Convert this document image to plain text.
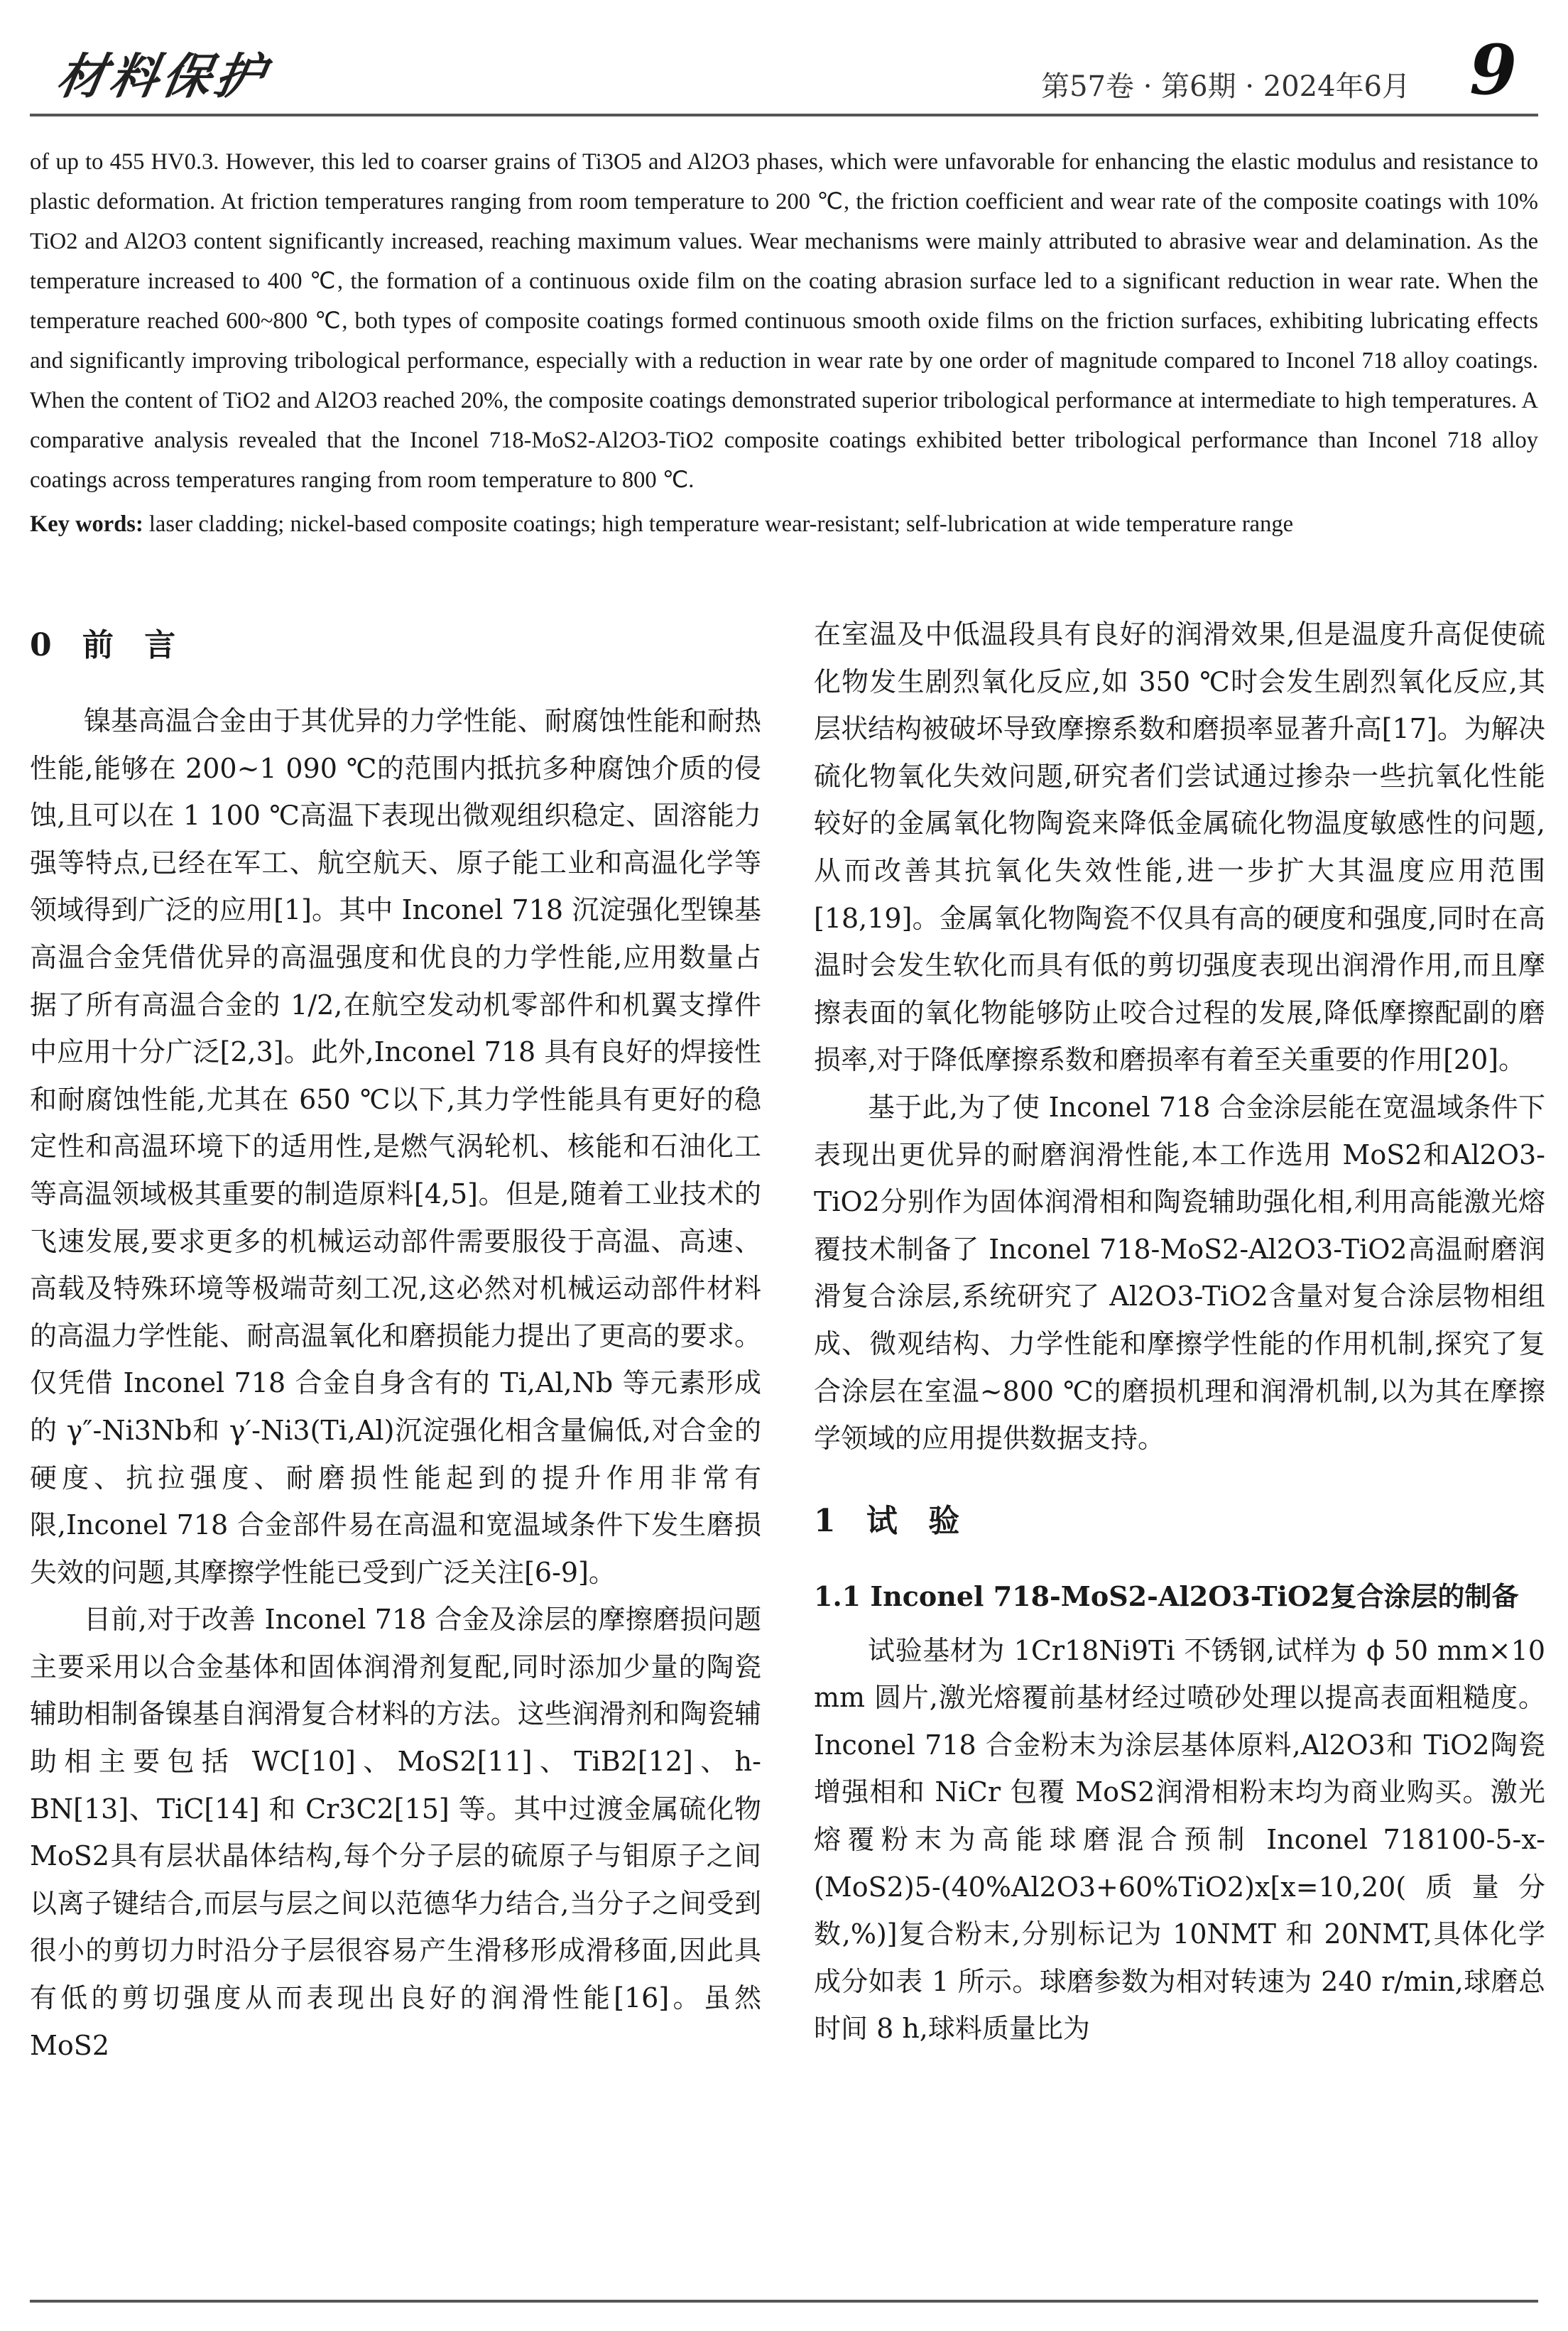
材料保护	第57卷 · 第6期 · 2024年6月 9

of up to 455 HV0.3. However, this led to coarser grains of Ti3O5 and Al2O3 phases, which were unfavorable for enhancing the elastic modulus and resistance to plastic deformation. At friction temperatures ranging from room temperature to 200 ℃, the friction coefficient and wear rate of the composite coatings with 10% TiO2 and Al2O3 content significantly increased, reaching maximum values. Wear mechanisms were mainly attributed to abrasive wear and delamination. As the temperature increased to 400 ℃, the formation of a continuous oxide film on the coating abrasion surface led to a significant reduction in wear rate. When the temperature reached 600~800 ℃, both types of composite coatings formed continuous smooth oxide films on the friction surfaces, exhibiting lubricating effects and significantly improving tribological performance, especially with a reduction in wear rate by one order of magnitude compared to Inconel 718 alloy coatings. When the content of TiO2 and Al2O3 reached 20%, the composite coatings demonstrated superior tribological performance at intermediate to high temperatures. A comparative analysis revealed that the Inconel 718-MoS2-Al2O3-TiO2 composite coatings exhibited better tribological performance than Inconel 718 alloy coatings across temperatures ranging from room temperature to 800 ℃.

Key words: laser cladding; nickel-based composite coatings; high temperature wear-resistant; self-lubrication at wide temperature range

0 前 言

镍基高温合金由于其优异的力学性能、耐腐蚀性能和耐热性能,能够在 200~1 090 ℃的范围内抵抗多种腐蚀介质的侵蚀,且可以在 1 100 ℃高温下表现出微观组织稳定、固溶能力强等特点,已经在军工、航空航天、原子能工业和高温化学等领域得到广泛的应用[1]。其中 Inconel 718 沉淀强化型镍基高温合金凭借优异的高温强度和优良的力学性能,应用数量占据了所有高温合金的 1/2,在航空发动机零部件和机翼支撑件中应用十分广泛[2,3]。此外,Inconel 718 具有良好的焊接性和耐腐蚀性能,尤其在 650 ℃以下,其力学性能具有更好的稳定性和高温环境下的适用性,是燃气涡轮机、核能和石油化工等高温领域极其重要的制造原料[4,5]。但是,随着工业技术的飞速发展,要求更多的机械运动部件需要服役于高温、高速、高载及特殊环境等极端苛刻工况,这必然对机械运动部件材料的高温力学性能、耐高温氧化和磨损能力提出了更高的要求。仅凭借 Inconel 718 合金自身含有的 Ti,Al,Nb 等元素形成的 γ″-Ni3Nb和 γ′-Ni3(Ti,Al)沉淀强化相含量偏低,对合金的硬度、抗拉强度、耐磨损性能起到的提升作用非常有限,Inconel 718 合金部件易在高温和宽温域条件下发生磨损失效的问题,其摩擦学性能已受到广泛关注[6-9]。

目前,对于改善 Inconel 718 合金及涂层的摩擦磨损问题主要采用以合金基体和固体润滑剂复配,同时添加少量的陶瓷辅助相制备镍基自润滑复合材料的方法。这些润滑剂和陶瓷辅助相主要包括 WC[10]、MoS2[11]、TiB2[12]、h-BN[13]、TiC[14] 和 Cr3C2[15] 等。其中过渡金属硫化物 MoS2具有层状晶体结构,每个分子层的硫原子与钼原子之间以离子键结合,而层与层之间以范德华力结合,当分子之间受到很小的剪切力时沿分子层很容易产生滑移形成滑移面,因此具有低的剪切强度从而表现出良好的润滑性能[16]。虽然 MoS2

在室温及中低温段具有良好的润滑效果,但是温度升高促使硫化物发生剧烈氧化反应,如 350 ℃时会发生剧烈氧化反应,其层状结构被破坏导致摩擦系数和磨损率显著升高[17]。为解决硫化物氧化失效问题,研究者们尝试通过掺杂一些抗氧化性能较好的金属氧化物陶瓷来降低金属硫化物温度敏感性的问题,从而改善其抗氧化失效性能,进一步扩大其温度应用范围[18,19]。金属氧化物陶瓷不仅具有高的硬度和强度,同时在高温时会发生软化而具有低的剪切强度表现出润滑作用,而且摩擦表面的氧化物能够防止咬合过程的发展,降低摩擦配副的磨损率,对于降低摩擦系数和磨损率有着至关重要的作用[20]。

基于此,为了使 Inconel 718 合金涂层能在宽温域条件下表现出更优异的耐磨润滑性能,本工作选用 MoS2和Al2O3-TiO2分别作为固体润滑相和陶瓷辅助强化相,利用高能激光熔覆技术制备了 Inconel 718-MoS2-Al2O3-TiO2高温耐磨润滑复合涂层,系统研究了 Al2O3-TiO2含量对复合涂层物相组成、微观结构、力学性能和摩擦学性能的作用机制,探究了复合涂层在室温~800 ℃的磨损机理和润滑机制,以为其在摩擦学领域的应用提供数据支持。

1 试 验
1.1 Inconel 718-MoS2-Al2O3-TiO2复合涂层的制备

试验基材为 1Cr18Ni9Ti 不锈钢,试样为 ϕ 50 mm×10 mm 圆片,激光熔覆前基材经过喷砂处理以提高表面粗糙度。Inconel 718 合金粉末为涂层基体原料,Al2O3和 TiO2陶瓷增强相和 NiCr 包覆 MoS2润滑相粉末均为商业购买。激光熔覆粉末为高能球磨混合预制 Inconel 718100-5-x-(MoS2)5-(40%Al2O3+60%TiO2)x[x=10,20(质量分数,%)]复合粉末,分别标记为 10NMT 和 20NMT,具体化学成分如表 1 所示。球磨参数为相对转速为 240 r/min,球磨总时间 8 h,球料质量比为
